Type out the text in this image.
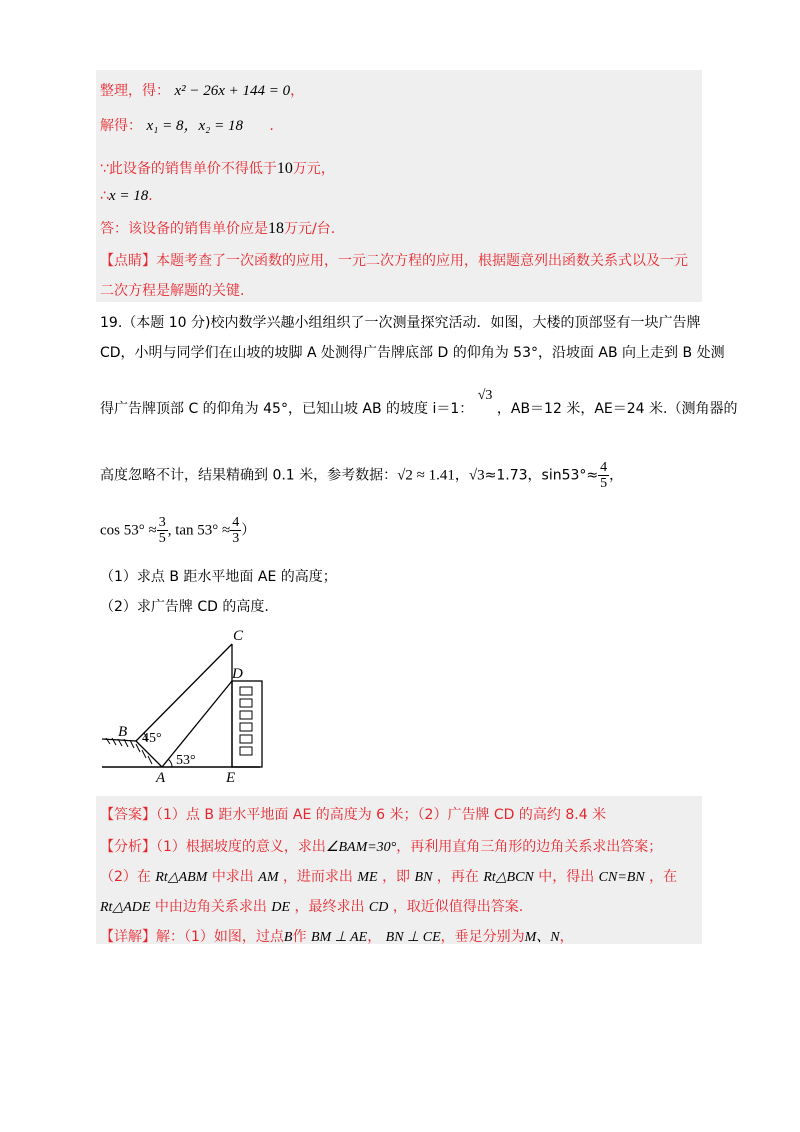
整理，得： x² − 26x + 144 = 0，
解得： x₁ = 8，x₂ = 18 .
∵此设备的销售单价不得低于10万元，
∴x = 18.
答：该设备的销售单价应是18万元/台.
【点睛】本题考查了一次函数的应用，一元二次方程的应用，根据题意列出函数关系式以及一元
二次方程是解题的关键.
19.（本题 10 分)校内数学兴趣小组组织了一次测量探究活动．如图，大楼的顶部竖有一块广告牌
CD，小明与同学们在山坡的坡脚 A 处测得广告牌底部 D 的仰角为 53°，沿坡面 AB 向上走到 B 处测
得广告牌顶部 C 的仰角为 45°，已知山坡 AB 的坡度 i＝1： √3 ，AB＝12 米，AE＝24 米.（测角器的
高度忽略不计，结果精确到 0.1 米，参考数据：√2 ≈ 1.41，√3≈1.73，$\sin 53^\circ\approx \frac{4}{5}$ ，
$\cos 53^\circ \approx \frac{3}{5}$ , $\tan 53^\circ \approx \frac{4}{3}$ ）
（1）求点 B 距水平地面 AE 的高度；
（2）求广告牌 CD 的高度.
C
D
B
A	E
45°
53°
【答案】（1）点 B 距水平地面 AE 的高度为 6 米；（2）广告牌 CD 的高约 8.4 米
【分析】（1）根据坡度的意义，求出∠BAM=30°，再利用直角三角形的边角关系求出答案；
（2）在 Rt△ABM 中求出 AM ，进而求出 ME ，即 BN ，再在 Rt△BCN 中，得出 CN=BN ，在
Rt△ADE 中由边角关系求出 DE ，最终求出 CD ，取近似值得出答案.
【详解】解：（1）如图，过点B作 BM ⊥ AE， BN ⊥ CE，垂足分别为M、N，
